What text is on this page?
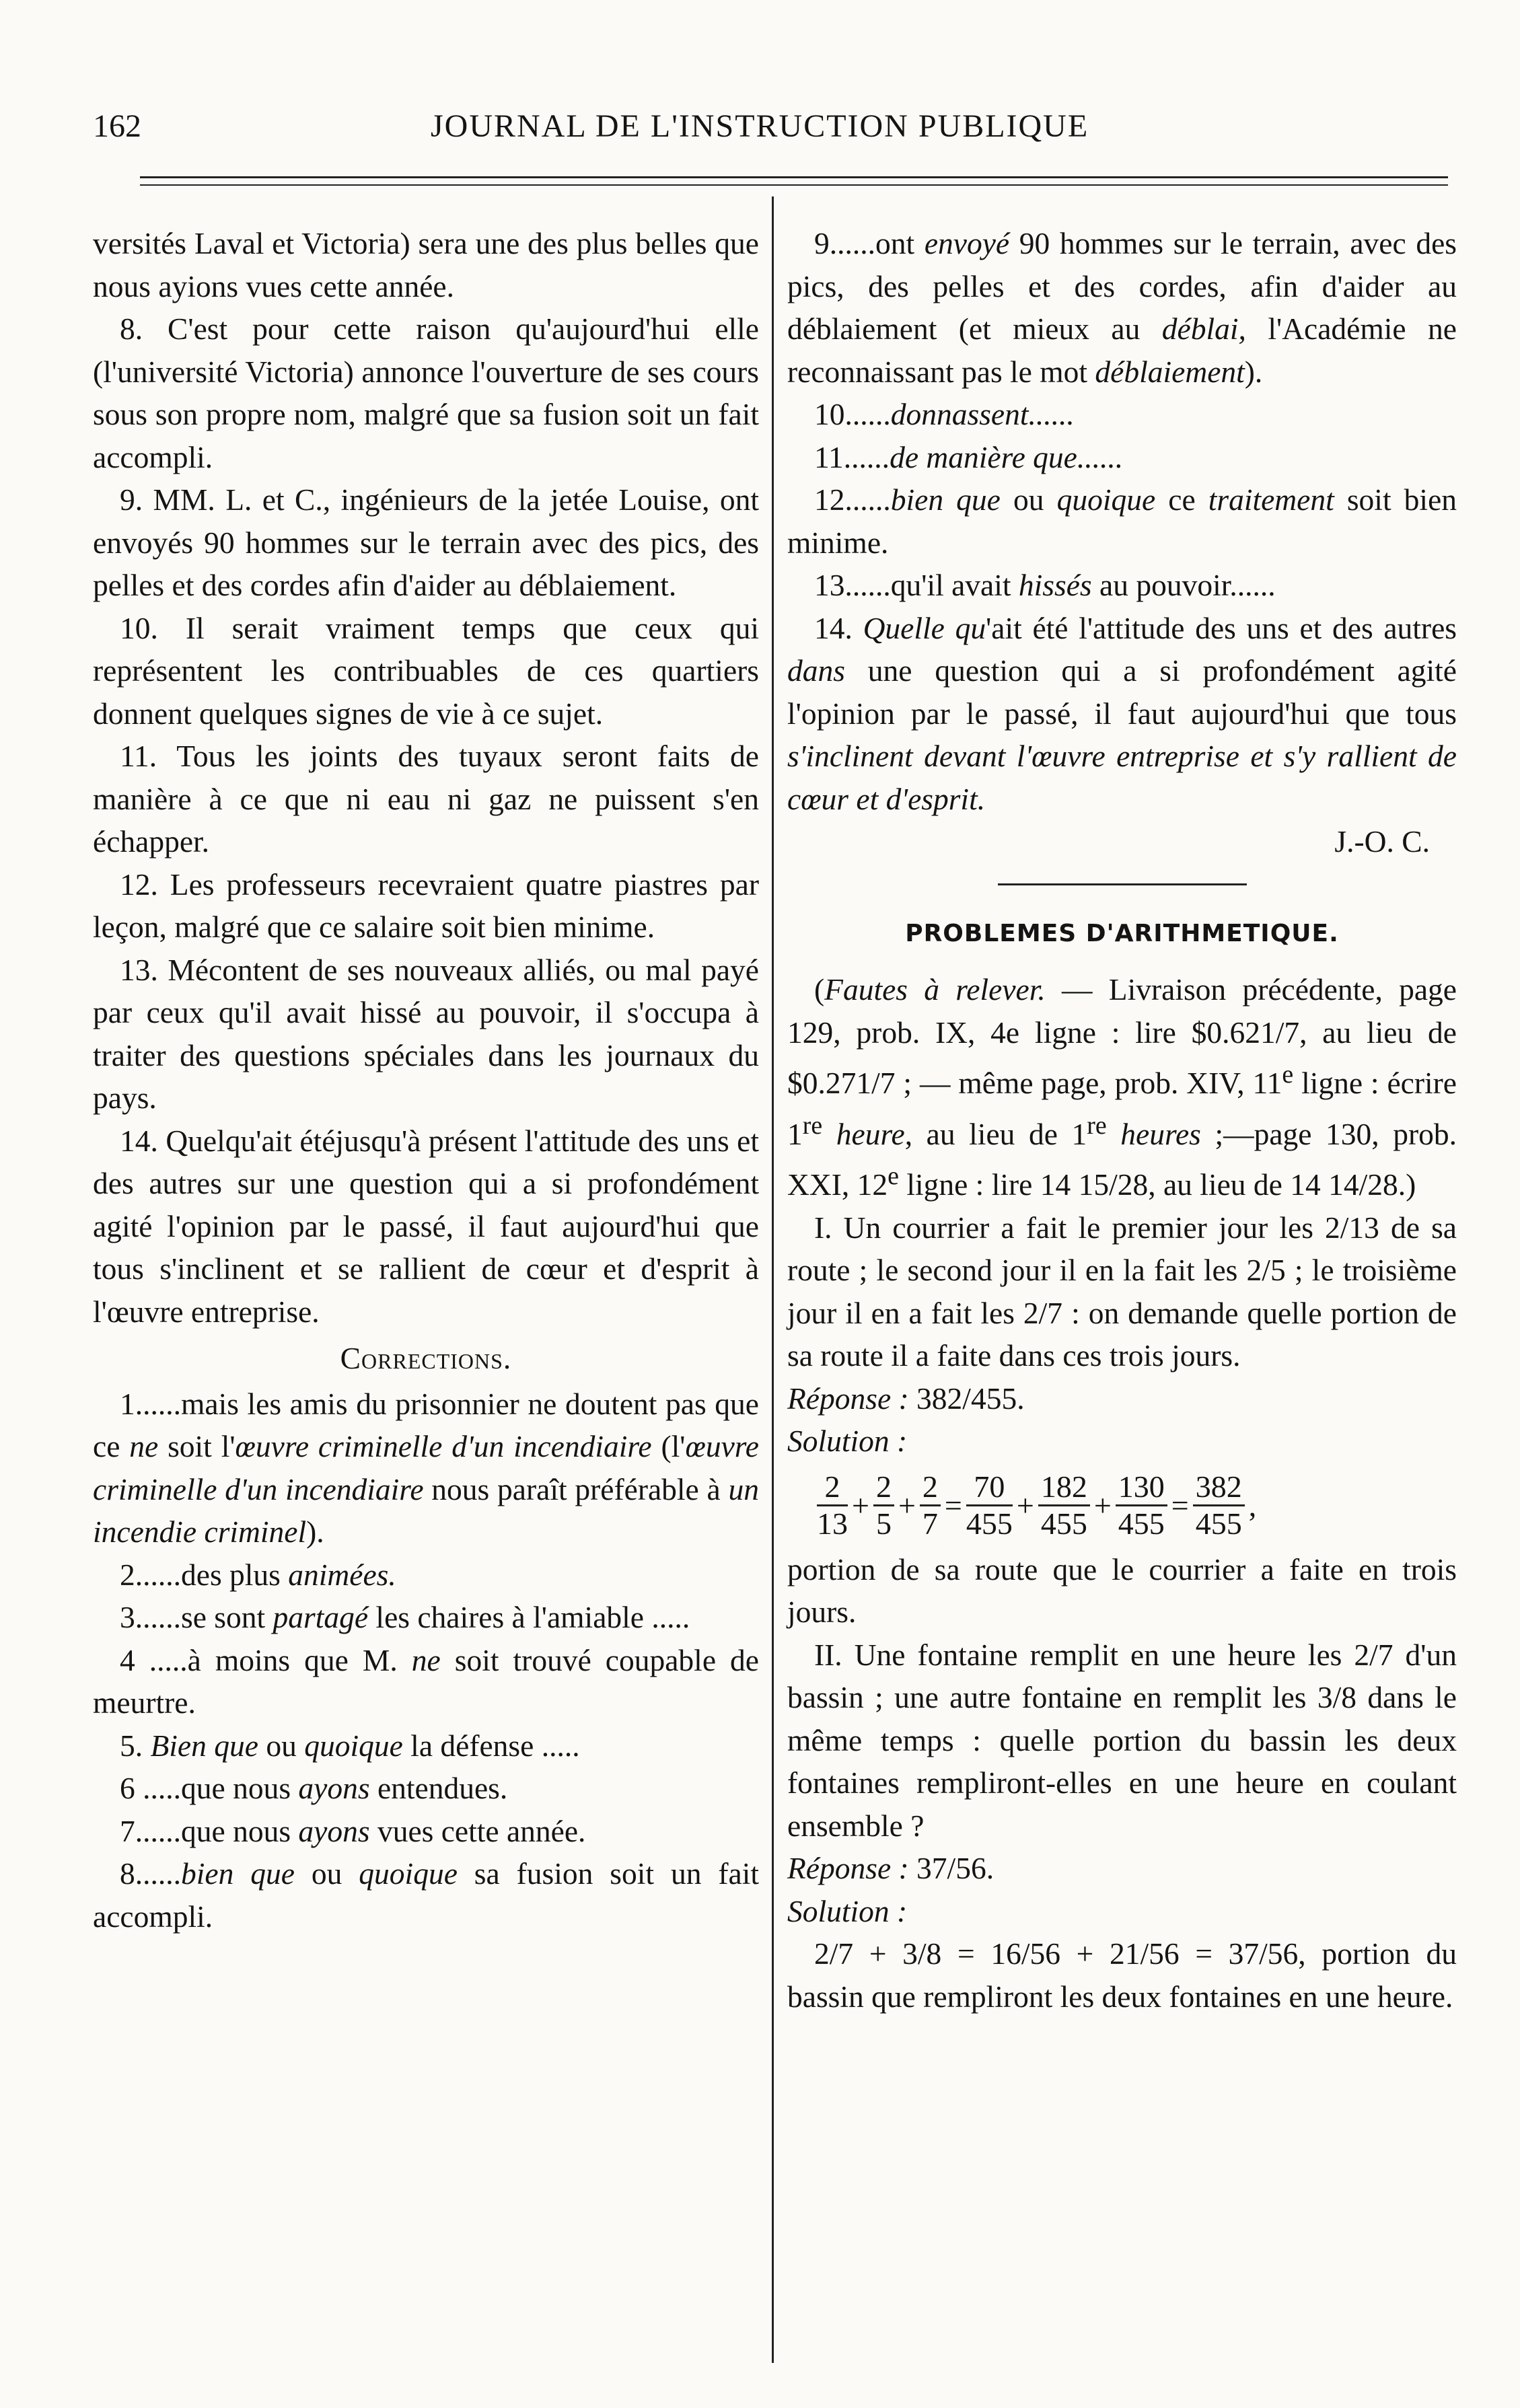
162	JOURNAL DE L'INSTRUCTION PUBLIQUE

versités Laval et Victoria) sera une des plus belles que nous ayions vues cette année.

8. C'est pour cette raison qu'aujourd'hui elle (l'université Victoria) annonce l'ouverture de ses cours sous son propre nom, malgré que sa fusion soit un fait accompli.

9. MM. L. et C., ingénieurs de la jetée Louise, ont envoyés 90 hommes sur le terrain avec des pics, des pelles et des cordes afin d'aider au déblaiement.

10. Il serait vraiment temps que ceux qui représentent les contribuables de ces quartiers donnent quelques signes de vie à ce sujet.

11. Tous les joints des tuyaux seront faits de manière à ce que ni eau ni gaz ne puissent s'en échapper.

12. Les professeurs recevraient quatre piastres par leçon, malgré que ce salaire soit bien minime.

13. Mécontent de ses nouveaux alliés, ou mal payé par ceux qu'il avait hissé au pouvoir, il s'occupa à traiter des questions spéciales dans les journaux du pays.

14. Quelqu'ait étéjusqu'à présent l'attitude des uns et des autres sur une question qui a si profondément agité l'opinion par le passé, il faut aujourd'hui que tous s'inclinent et se rallient de cœur et d'esprit à l'œuvre entreprise.

Corrections.

1......mais les amis du prisonnier ne doutent pas que ce ne soit l'œuvre criminelle d'un incendiaire (l'œuvre criminelle d'un incendiaire nous paraît préférable à un incendie criminel).

2......des plus animées.

3......se sont partagé les chaires à l'amiable .....

4 .....à moins que M. ne soit trouvé coupable de meurtre.

5. Bien que ou quoique la défense .....

6 .....que nous ayons entendues.

7......que nous ayons vues cette année.

8......bien que ou quoique sa fusion soit un fait accompli.

9......ont envoyé 90 hommes sur le terrain, avec des pics, des pelles et des cordes, afin d'aider au déblaiement (et mieux au déblai, l'Académie ne reconnaissant pas le mot déblaiement).

10......donnassent......

11......de manière que......

12......bien que ou quoique ce traitement soit bien minime.

13......qu'il avait hissés au pouvoir......

14. Quelle qu'ait été l'attitude des uns et des autres dans une question qui a si profondément agité l'opinion par le passé, il faut aujourd'hui que tous s'inclinent devant l'œuvre entreprise et s'y rallient de cœur et d'esprit.

J.-O. C.

PROBLEMES D'ARITHMETIQUE.

(Fautes à relever. — Livraison précédente, page 129, prob. IX, 4e ligne : lire $0.621/7, au lieu de $0.271/7 ; — même page, prob. XIV, 11e ligne : écrire 1re heure, au lieu de 1re heures ;—page 130, prob. XXI, 12e ligne : lire 14 15/28, au lieu de 14 14/28.)

I. Un courrier a fait le premier jour les 2/13 de sa route ; le second jour il en la fait les 2/5 ; le troisième jour il en a fait les 2/7 : on demande quelle portion de sa route il a faite dans ces trois jours.

Réponse : 382/455.

Solution :

$\frac{2}{13} + \frac{2}{5} + \frac{2}{7} = \frac{70}{455} + \frac{182}{455} + \frac{130}{455} = \frac{382}{455}$ ,

portion de sa route que le courrier a faite en trois jours.

II. Une fontaine remplit en une heure les 2/7 d'un bassin ; une autre fontaine en remplit les 3/8 dans le même temps : quelle portion du bassin les deux fontaines rempliront-elles en une heure en coulant ensemble ?

Réponse : 37/56.

Solution :

2/7 + 3/8 = 16/56 + 21/56 = 37/56, portion du bassin que rempliront les deux fontaines en une heure.
